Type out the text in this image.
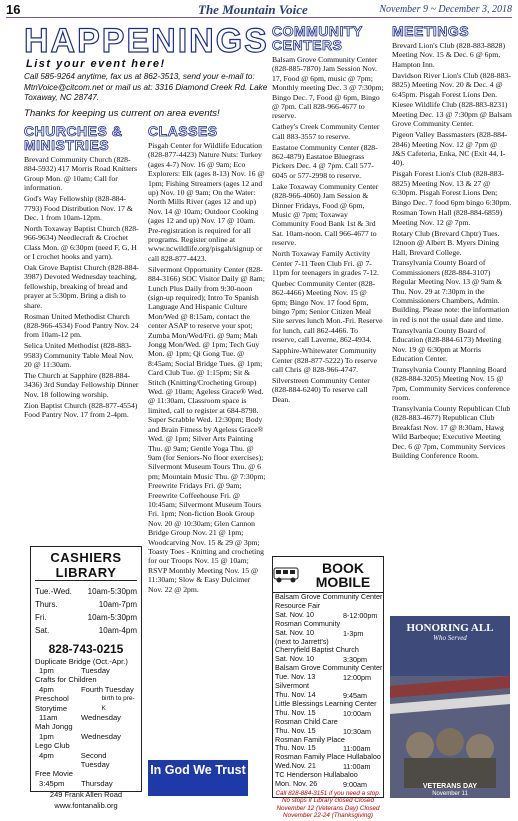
16	The Mountain Voice	November 9 ~ December 3, 2018
HAPPENINGS
List your event here!
Call 585-9264 anytime, fax us at 862-3513, send your e-mail to: MtnVoice@citcom.net or mail us at: 3316 Diamond Creek Rd. Lake Toxaway, NC 28747.
Thanks for keeping us current on area events!
CHURCHES & MINISTRIES
Brevard Community Church (828-884-5932) 417 Morris Road Knitters Group Mon. @ 10am; Call for information.
God's Way Fellowship (828-884-7793) Food Distribution Nov. 17 & Dec. 1 from 10am-12pm.
North Toxaway Baptist Church (828-966-9634) Needlecraft & Crochet Class Mon. @ 6:30pm (need F, G, H or I crochet hooks and yarn).
Oak Grove Baptist Church (828-884-3987) Devoted Wednesday teaching, fellowship, breaking of bread and prayer at 5:30pm. Bring a dish to share.
Rosman United Methodist Church (828-966-4534) Food Pantry Nov. 24 from 10am-12 pm.
Selica United Methodist (828-883-9583) Community Table Meal Nov. 20 @ 11:30am.
The Church at Sapphire (828-884-3436) 3rd Sunday Fellowship Dinner Nov. 18 following worship.
Zion Baptist Church (828-877-4554) Food Pantry Nov. 17 from 2-4pm.
CASHIERS LIBRARY
Tue.-Wed. 10am-5:30pm
Thurs.	10am-7pm
Fri.	10am-5:30pm
Sat.	10am-4pm
828-743-0215
Duplicate Bridge (Oct.-Apr.)
1pm	Tuesday
Crafts for Children
4pm	Fourth Tuesday
Preschool Storytime

birth to pre-K
11am	Wednesday
Mah Jongg
1pm	Wednesday
Lego Club
4pm	Second Tuesday
Free Movie
3:45pm	Thursday
249 Frank Allen Road
www.fontanalib.org
CLASSES
Pisgah Center for Wildlife Education (828-877-4423) Nature Nuts: Turkey (ages 4-7) Nov. 16 @ 9am; Eco Explorers: Elk (ages 8-13) Nov. 16 @ 1pm; Fishing Streamers (ages 12 and up) Nov. 10 @ 9am; On the Water: North Mills River (ages 12 and up) Nov. 14 @ 10am; Outdoor Cooking (ages 12 and up) Nov. 17 @ 10am. Pre-registration is required for all programs. Register online at www.ncwildlife.org/pisgah/signup or call 828-877-4423.
Silvermont Opportunity Center (828-884-3166) SOC Visitor Daily @ 8am; Lunch Plus Daily from 9:30-noon (sign-up required); Intro To Spanish Language And Hispanic Culture Mon/Wed @ 8:15am, contact the center ASAP to reserve your spot; Zumba Mon/Wed/Fri. @ 9am; Mah Jongg Mon/Wed. @ 1pm; Tech Guy Mon. @ 1pm; Qi Gong Tue. @ 8:45am; Social Bridge Tues. @ 1pm; Card Club Tue. @ 1:15pm; Sit & Stitch (Knitting/Crocheting Group) Wed. @ 10am; Ageless Grace® Wed. @ 11:30am, Classroom space is limited, call to register at 684-8798. Super Scrabble Wed. 12:30pm; Body and Brain Fitness by Ageless Grace® Wed. @ 1pm; Silver Arts Painting Thu. @ 9am; Gentle Yoga Thu. @ 9am (for Seniors-No floor exercises); Silvermont Museum Tours Thu. @ 6 pm; Mountain Music Thu. @ 7:30pm; Freewrite Fridays Fri. @ 9am; Freewrite Coffeehouse Fri. @ 10:45am; Silvermont Museum Tours Fri. 1pm; Non-fiction Book Group Nov. 20 @ 10:30am; Glen Cannon Bridge Group Nov. 21 @ 1pm; Woodcarving Nov. 15 & 29 @ 3pm; Toasty Toes - Knitting and crocheting for our Troops Nov. 15 @ 10am; RSVP Monthly Meeting Nov. 15 @ 11:30am; Slow & Easy Dulcimer Nov. 22 @ 2pm.
In God We Trust
COMMUNITY CENTERS
Balsam Grove Community Center (828-885-7870) Jam Session Nov. 17, Food @ 6pm, music @ 7pm; Monthly meeting Dec. 3 @ 7:30pm; Bingo Dec. 7, Food @ 6pm, Bingo @ 7pm. Call 828-966-4677 to reserve.
Cathey's Creek Community Center Call 883-3557 to reserve.
Eastatoe Community Center (828-862-4879) Eastatoe Bluegrass Pickers Dec. 4 @ 7pm. Call 577-6045 or 577-2998 to reserve.
Lake Toxaway Community Center (828-966-4060) Jam Session & Dinner Fridays, Food @ 6pm, Music @ 7pm; Toxaway Community Food Bank 1st & 3rd Sat. 10am-noon. Call 966-4677 to reserve.
North Toxaway Family Activity Center 7-11 Teen Club Fri. @ 7-11pm for teenagers in grades 7-12.
Quebec Community Center (828-862-4466) Meeting Nov. 15 @ 6pm; Bingo Nov. 17 food 6pm, bingo 7pm; Senior Citizen Meal Site serves lunch Mon.-Fri. Reserve for lunch, call 862-4466. To reserve, call Laverne, 862-4934.
Sapphire-Whitewater Community Center (828-877-5222) To reserve call Chris @ 828-966-4747.
Silverstreen Community Center (828-884-6240) To reserve call Dean.
BOOK MOBILE
Balsam Grove Community Center
Resource Fair
Sat. Nov. 10	8-12:00pm
Rosman Community
Sat. Nov. 10	1-3pm
(next to Jarrett's)
Cherryfield Baptist Church
Sat. Nov. 10	3:30pm
Balsam Grove Community Center
Tue. Nov. 13	12:00pm
Silvermont
Thu. Nov. 14	9:45am
Little Blessings Learning Center
Thu. Nov. 15	10:00am
Rosman Child Care
Thu. Nov. 15	10:30am
Rosman Family Place
Thu. Nov. 15	11:00am
Rosman Family Place Hullabaloo
Wed.Nov. 21	11:00am
TC Henderson Hullabaloo
Mon. Nov. 26	9:00am
Call 828-884-3151 if you need a stop. No stops if Library closed Closed November 12 (Veterans Day) Closed November 22-24 (Thanksgiving)
MEETINGS
Brevard Lion's Club (828-883-8828) Meeting Nov. 15 & Dec. 6 @ 6pm, Hampton Inn.
Davidson River Lion's Club (828-883-8825) Meeting Nov. 20 & Dec. 4 @ 6:45pm. Pisgah Forest Lions Den.
Kiesee Wildlife Club (828-883-8231) Meeting Dec. 13 @ 7:30pm @ Balsam Grove Community Center.
Pigeon Valley Bassmasters (828-884-2846) Meeting Nov. 12 @ 7pm @ J&S Cafeteria, Enka, NC (Exit 44, I-40).
Pisgah Forest Lion's Club (828-883-8825) Meeting Nov. 13 & 27 @ 6:30pm. Pisgah Forest Lions Den; Bingo Dec. 7 food 6pm bingo 6:30pm.
Rosman Town Hall (828-884-6859) Meeting Nov. 12 @ 7pm.
Rotary Club (Brevard Chptr) Tues. 12noon @ Albert B. Myers Dining Hall, Brevard College.
Transylvania County Board of Commissioners (828-884-3107) Regular Meeting Nov. 13 @ 9am & Thu. Nov. 29 at 7:30pm in the Commissioners Chambers, Admin. Building. Please note: the information in red is not the usual date and time.
Transylvania County Board of Education (828-884-6173) Meeting Nov. 19 @ 6:30pm at Morris Education Center.
Transylvania County Planning Board (828-884-3205) Meeting Nov. 15 @ 7pm, Community Services conference room.
Transylvania County Republican Club (828-883-4677) Republican Club Breakfast Nov. 17 @ 8:30am, Hawg Wild Barbeque; Executive Meeting Dec. 6 @ 7pm, Community Services Building Conference Room.
HONORING ALL
Who Served
VETERANS DAY
November 11
